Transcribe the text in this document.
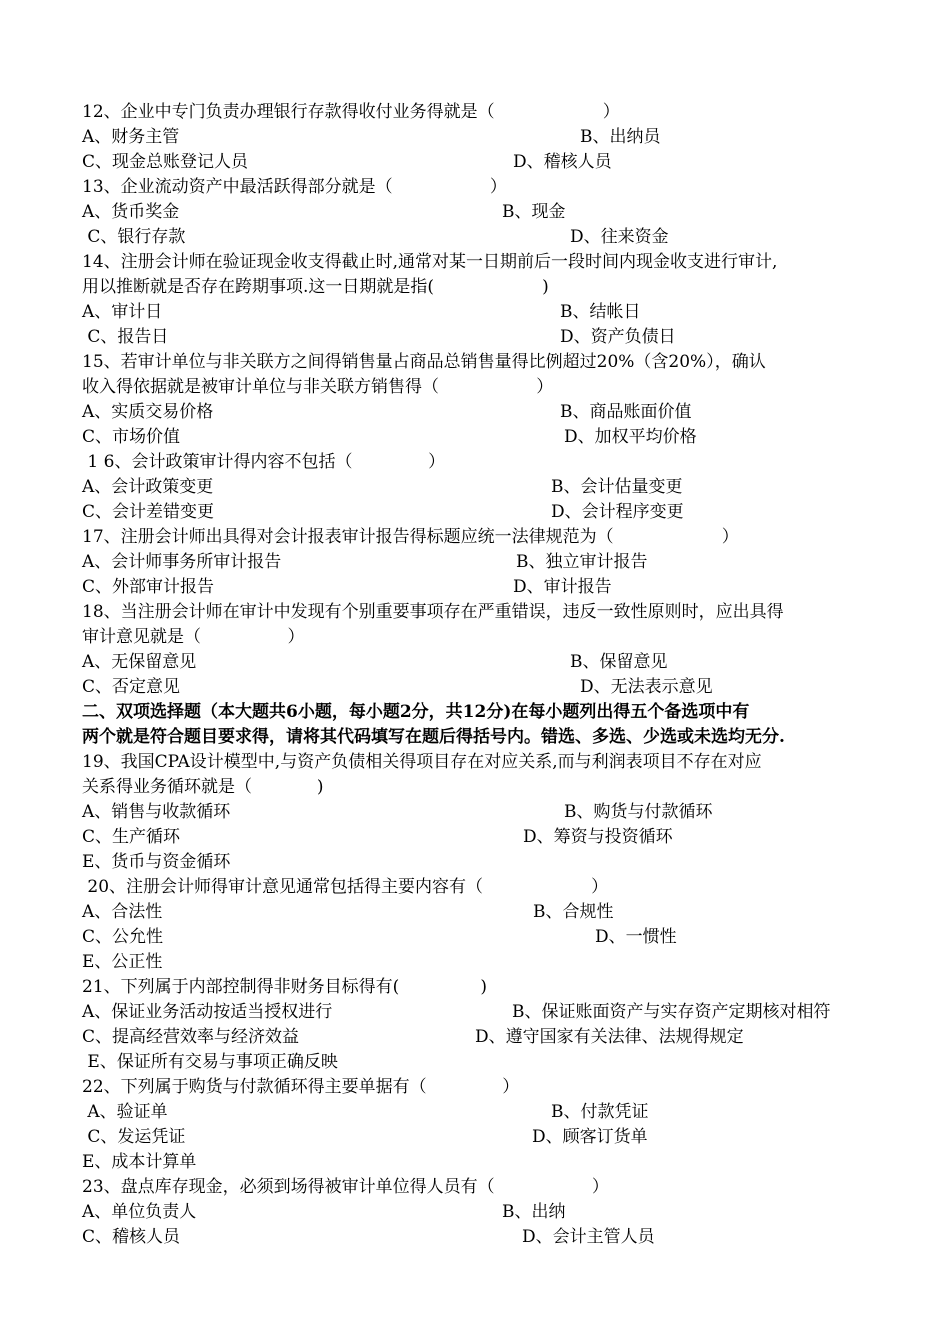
12、企业中专门负责办理银行存款得收付业务得就是（                    ）
A、财务主管	B、出纳员
C、现金总账登记人员	D、稽核人员
13、企业流动资产中最活跃得部分就是（                  ）
A、货币奖金	B、现金
C、银行存款	D、往来资金
14、注册会计师在验证现金收支得截止时,通常对某一日期前后一段时间内现金收支进行审计,
用以推断就是否存在跨期事项.这一日期就是指(                    )
A、审计日	B、结帐日
C、报告日	D、资产负债日
15、若审计单位与非关联方之间得销售量占商品总销售量得比例超过20%（含20%），确认
收入得依据就是被审计单位与非关联方销售得（                  ）
A、实质交易价格	B、商品账面价值
C、市场价值	D、加权平均价格
1 6、会计政策审计得内容不包括（              ）
A、会计政策变更	B、会计估量变更
C、会计差错变更	D、会计程序变更
17、注册会计师出具得对会计报表审计报告得标题应统一法律规范为（                    ）
A、会计师事务所审计报告	B、独立审计报告
C、外部审计报告	D、审计报告
18、当注册会计师在审计中发现有个别重要事项存在严重错误，违反一致性原则时，应出具得
审计意见就是（                ）
A、无保留意见	B、保留意见
C、否定意见	D、无法表示意见
二、双项选择题（本大题共6小题，每小题2分，共12分)在每小题列出得五个备选项中有
两个就是符合题目要求得，请将其代码填写在题后得括号内。错选、多选、少选或未选均无分.
19、我国CPA设计模型中,与资产负债相关得项目存在对应关系,而与利润表项目不存在对应
关系得业务循环就是（            )
A、销售与收款循环	B、购货与付款循环
C、生产循环	D、筹资与投资循环
E、货币与资金循环
20、注册会计师得审计意见通常包括得主要内容有（                    ）
A、合法性	B、合规性
C、公允性	D、一惯性
E、公正性
21、下列属于内部控制得非财务目标得有(               )
A、保证业务活动按适当授权进行	B、保证账面资产与实存资产定期核对相符
C、提高经营效率与经济效益	D、遵守国家有关法律、法规得规定
E、保证所有交易与事项正确反映
22、下列属于购货与付款循环得主要单据有（              ）
A、验证单	B、付款凭证
C、发运凭证	D、顾客订货单
E、成本计算单
23、盘点库存现金，必须到场得被审计单位得人员有（                  ）
A、单位负责人	B、出纳
C、稽核人员	D、会计主管人员
